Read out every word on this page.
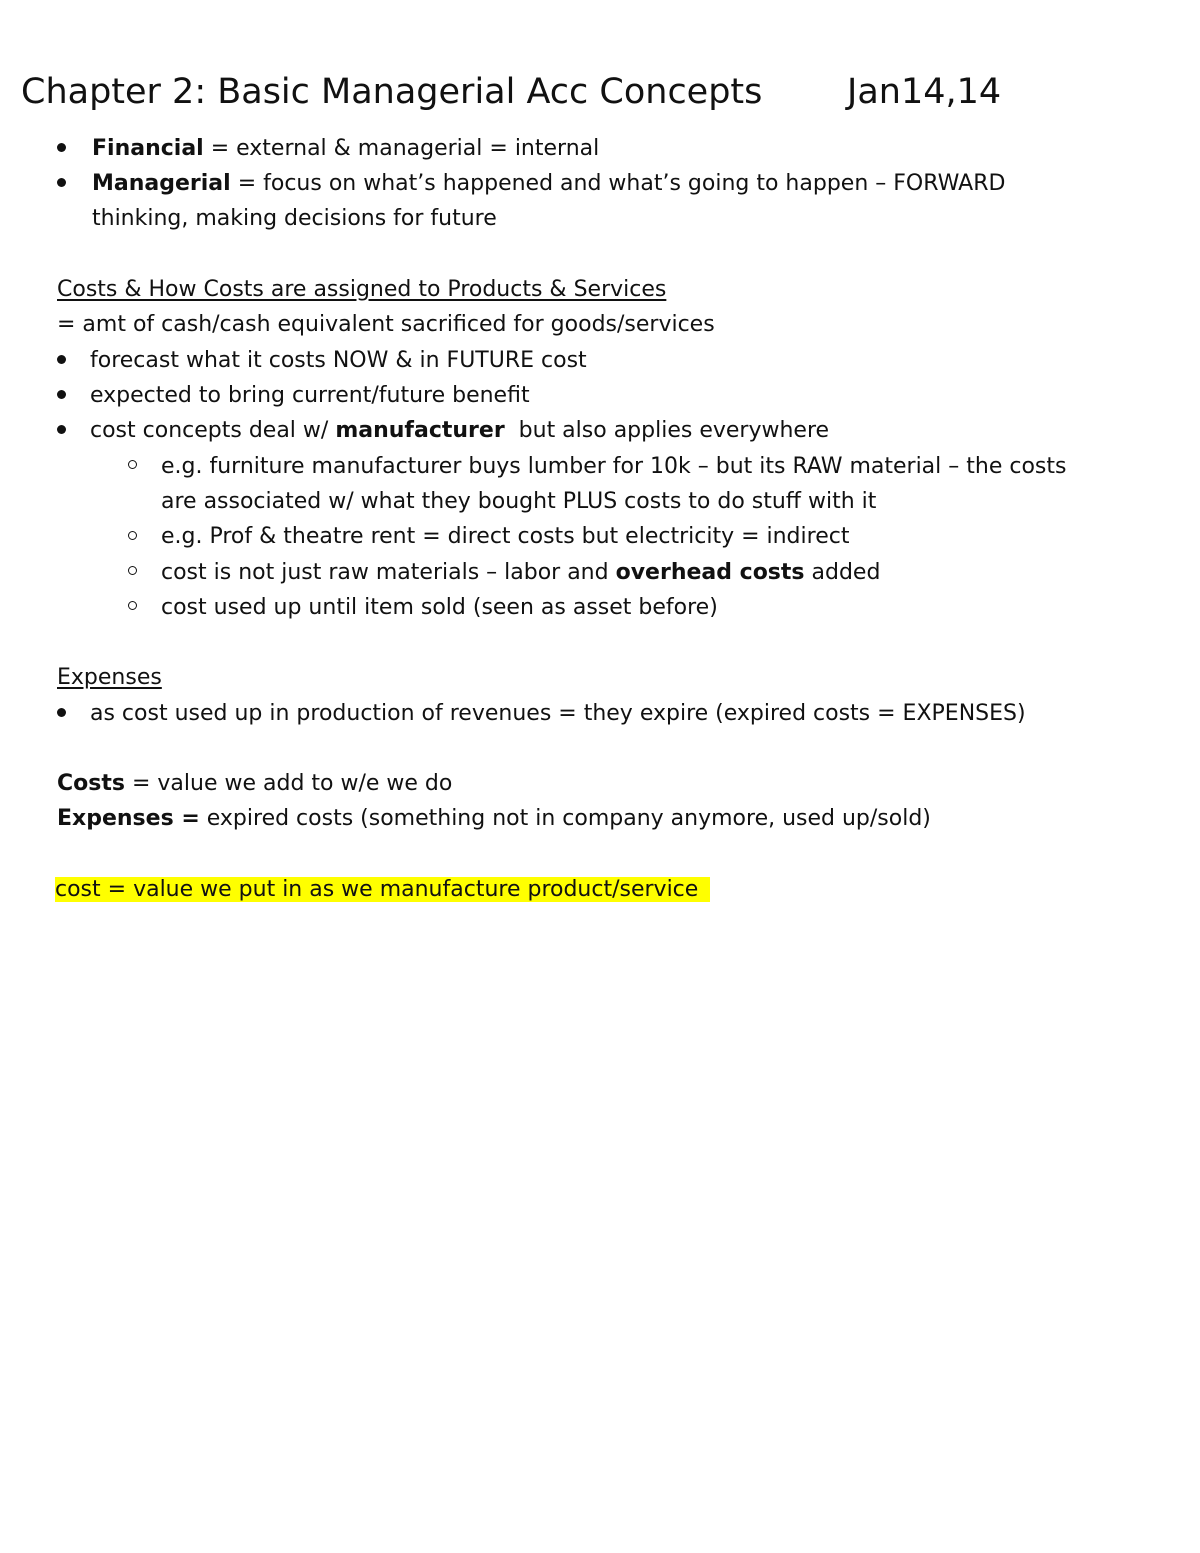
Chapter 2: Basic Managerial Acc Concepts Jan14,14
Financial = external & managerial = internal
Managerial = focus on what’s happened and what’s going to happen – FORWARD
thinking, making decisions for future
Costs & How Costs are assigned to Products & Services
= amt of cash/cash equivalent sacrificed for goods/services
forecast what it costs NOW & in FUTURE cost
expected to bring current/future benefit
cost concepts deal w/ manufacturer  but also applies everywhere
e.g. furniture manufacturer buys lumber for 10k – but its RAW material – the costs
are associated w/ what they bought PLUS costs to do stuff with it
e.g. Prof & theatre rent = direct costs but electricity = indirect
cost is not just raw materials – labor and overhead costs added
cost used up until item sold (seen as asset before)
Expenses
as cost used up in production of revenues = they expire (expired costs = EXPENSES)
Costs = value we add to w/e we do
Expenses = expired costs (something not in company anymore, used up/sold)
cost = value we put in as we manufacture product/service
